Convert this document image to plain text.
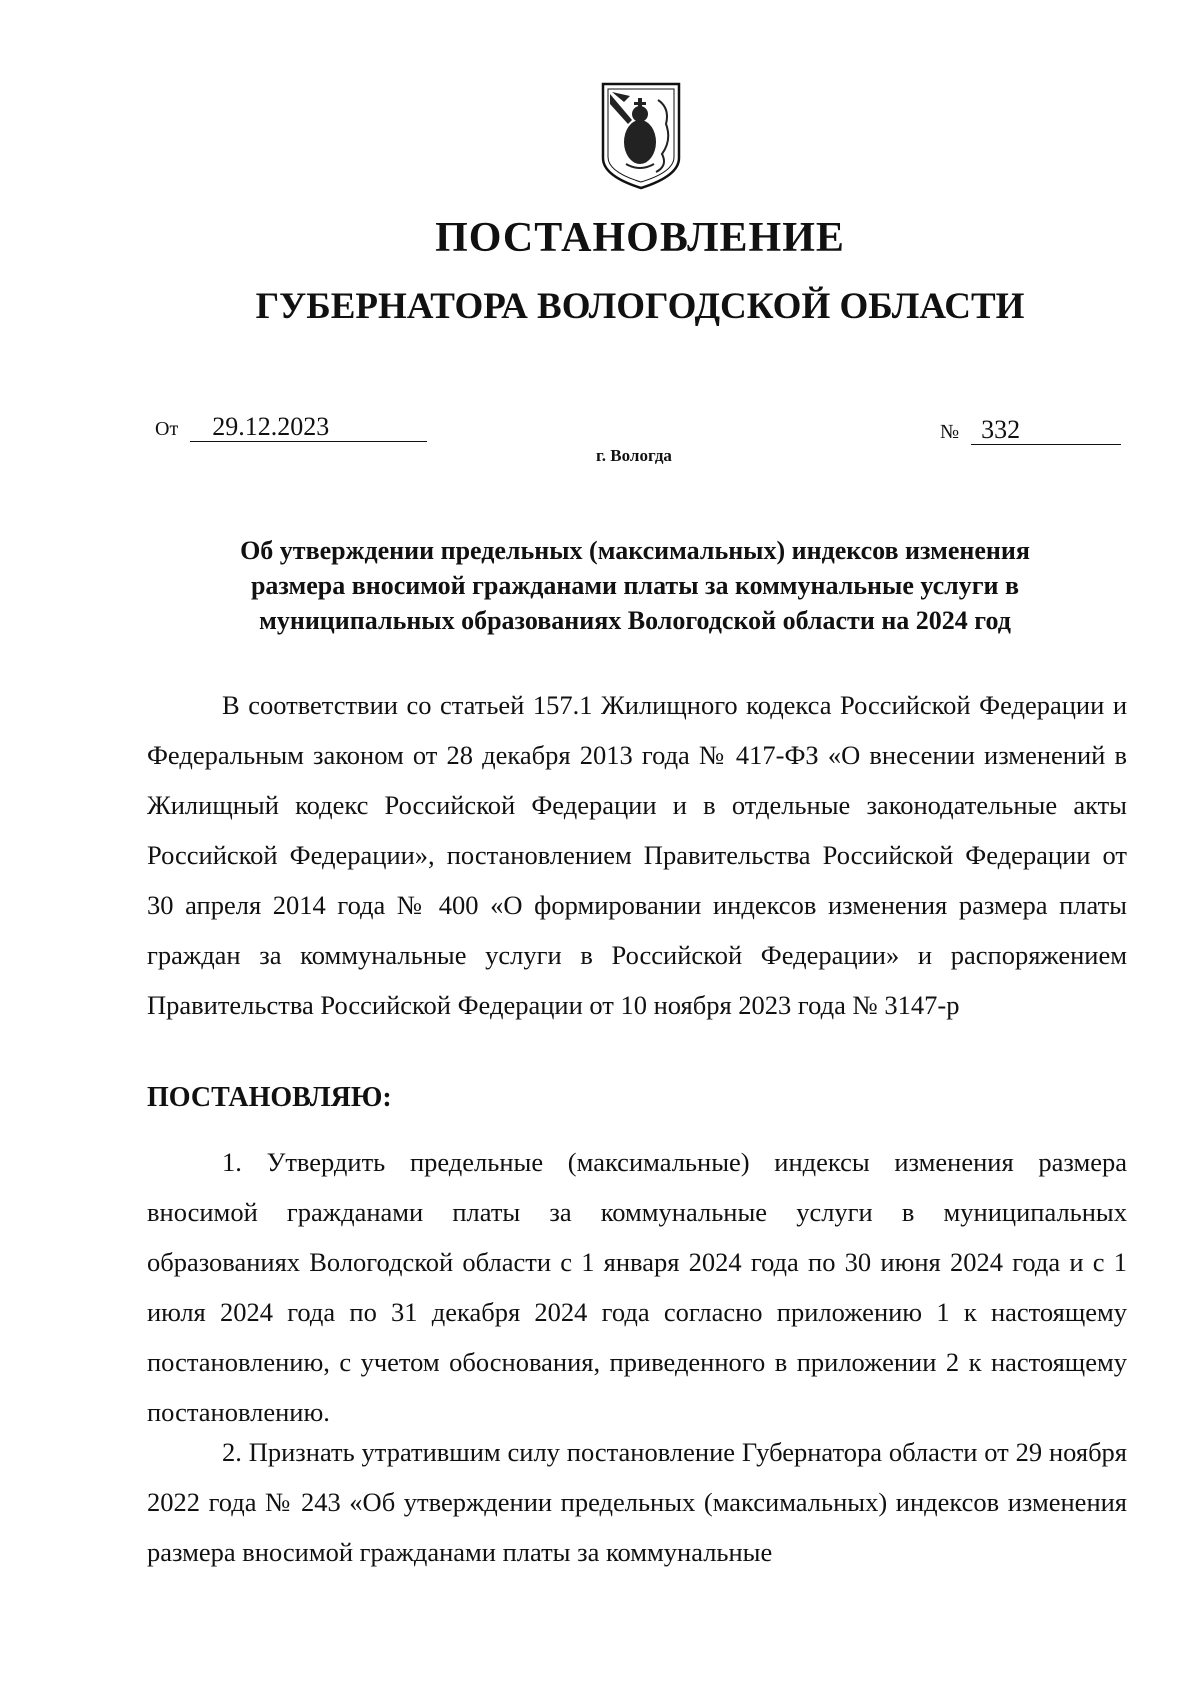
ПОСТАНОВЛЕНИЕ
ГУБЕРНАТОРА ВОЛОГОДСКОЙ ОБЛАСТИ
От 29.12.2023	№ 332
г. Вологда
Об утверждении предельных (максимальных) индексов изменения размера вносимой гражданами платы за коммунальные услуги в муниципальных образованиях Вологодской области на 2024 год
В соответствии со статьей 157.1 Жилищного кодекса Российской Федерации и Федеральным законом от 28 декабря 2013 года № 417-ФЗ «О внесении изменений в Жилищный кодекс Российской Федерации и в отдельные законодательные акты Российской Федерации», постановлением Правительства Российской Федерации от 30 апреля 2014 года № 400 «О формировании индексов изменения размера платы граждан за коммунальные услуги в Российской Федерации» и распоряжением Правительства Российской Федерации от 10 ноября 2023 года № 3147-р
ПОСТАНОВЛЯЮ:
1. Утвердить предельные (максимальные) индексы изменения размера вносимой гражданами платы за коммунальные услуги в муниципальных образованиях Вологодской области с 1 января 2024 года по 30 июня 2024 года и с 1 июля 2024 года по 31 декабря 2024 года согласно приложению 1 к настоящему постановлению, с учетом обоснования, приведенного в приложении 2 к настоящему постановлению.
2. Признать утратившим силу постановление Губернатора области от 29 ноября 2022 года № 243 «Об утверждении предельных (максимальных) индексов изменения размера вносимой гражданами платы за коммунальные
